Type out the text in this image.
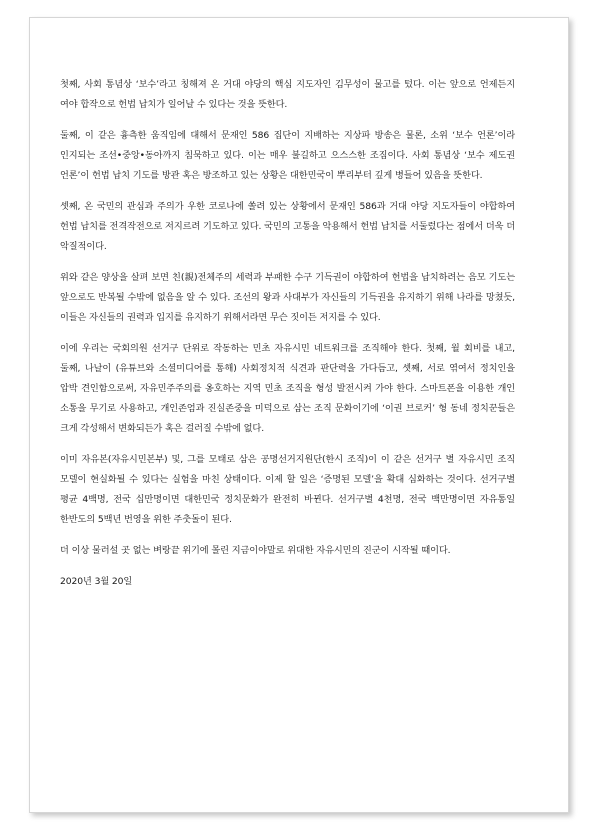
첫째, 사회 통념상 ‘보수’라고 칭해져 온 거대 야당의 핵심 지도자인 김무성이 물고를 텄다. 이는 앞으로 언제든지 여야 합작으로 헌법 납치가 일어날 수 있다는 것을 뜻한다.

둘째, 이 같은 흉측한 움직임에 대해서 문재인 586 집단이 지배하는 지상파 방송은 물론, 소위 ‘보수 언론’이라 인지되는 조선•중앙•동아까지 침묵하고 있다. 이는 매우 불길하고 으스스한 조짐이다. 사회 통념상 ‘보수 제도권 언론’이 헌법 납치 기도를 방관 혹은 방조하고 있는 상황은 대한민국이 뿌리부터 깊게 병들어 있음을 뜻한다.

셋째, 온 국민의 관심과 주의가 우한 코로나에 쏠려 있는 상황에서 문재인 586과 거대 야당 지도자들이 야합하여 헌법 납치를 전격작전으로 저지르려 기도하고 있다. 국민의 고통을 악용해서 헌법 납치를 서둘렀다는 점에서 더욱 더 악질적이다.

위와 같은 양상을 살펴 보면 친(親)전체주의 세력과 부패한 수구 기득권이 야합하여 헌법을 납치하려는 음모 기도는 앞으로도 반복될 수밖에 없음을 알 수 있다. 조선의 왕과 사대부가 자신들의 기득권을 유지하기 위해 나라를 망쳤듯, 이들은 자신들의 권력과 입지를 유지하기 위해서라면 무슨 짓이든 저지를 수 있다.

이에 우리는 국회의원 선거구 단위로 작동하는 민초 자유시민 네트워크를 조직해야 한다. 첫째, 월 회비를 내고, 둘째, 나날이 (유튜브와 소셜미디어를 통해) 사회정치적 식견과 판단력을 가다듬고, 셋째, 서로 엮여서 정치인을 압박 견인함으로써, 자유민주주의를 옹호하는 지역 민초 조직을 형성 발전시켜 가야 한다. 스마트폰을 이용한 개인 소통을 무기로 사용하고, 개인존엄과 진실존중을 미덕으로 삼는 조직 문화이기에 ‘이권 브로커’ 형 동네 정치꾼들은 크게 각성해서 변화되든가 혹은 걸러질 수밖에 없다.

이미 자유본(자유시민본부) 및, 그를 모태로 삼은 공명선거지원단(한시 조직)이 이 같은 선거구 별 자유시민 조직 모델이 현실화될 수 있다는 실험을 마친 상태이다. 이제 할 일은 ‘증명된 모델’을 확대 심화하는 것이다. 선거구별 평균 4백명, 전국 십만명이면 대한민국 정치문화가 완전히 바뀐다. 선거구별 4천명, 전국 백만명이면 자유통일 한반도의 5백년 번영을 위한 주춧돌이 된다.

더 이상 물러설 곳 없는 벼랑끝 위기에 몰린 지금이야말로 위대한 자유시민의 진군이 시작될 때이다.

2020년 3월 20일
